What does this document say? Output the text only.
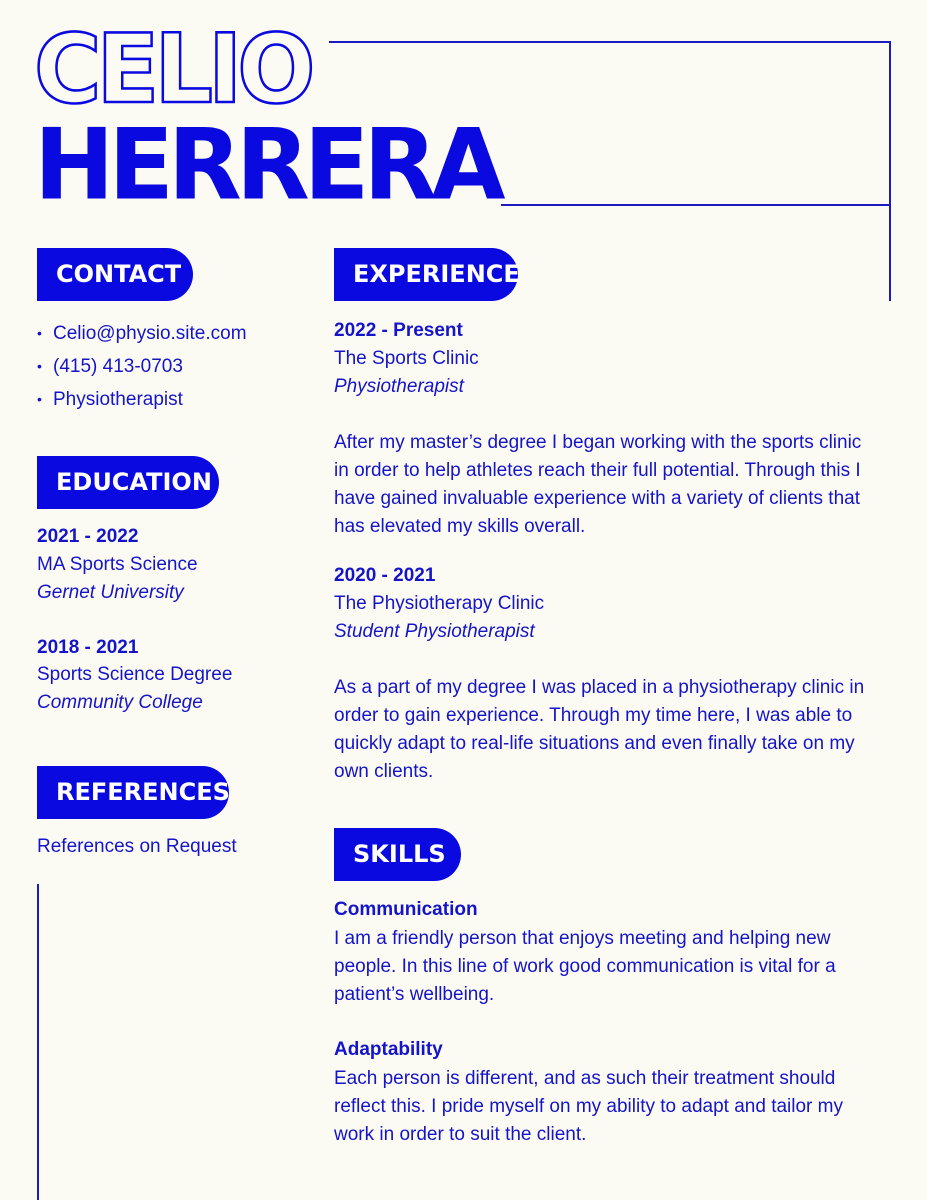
CELIO
HERRERA
CONTACT
• Celio@physio.site.com
• (415) 413-0703
• Physiotherapist
EDUCATION
2021 - 2022
MA Sports Science
Gernet University
2018 - 2021
Sports Science Degree
Community College
REFERENCES
References on Request
EXPERIENCE
2022 - Present
The Sports Clinic
Physiotherapist
After my master’s degree I began working with the sports clinic in order to help athletes reach their full potential. Through this I have gained invaluable experience with a variety of clients that has elevated my skills overall.
2020 - 2021
The Physiotherapy Clinic
Student Physiotherapist
As a part of my degree I was placed in a physiotherapy clinic in order to gain experience. Through my time here, I was able to quickly adapt to real-life situations and even finally take on my own clients.
SKILLS
Communication
I am a friendly person that enjoys meeting and helping new people. In this line of work good communication is vital for a patient’s wellbeing.
Adaptability
Each person is different, and as such their treatment should reflect this. I pride myself on my ability to adapt and tailor my work in order to suit the client.
